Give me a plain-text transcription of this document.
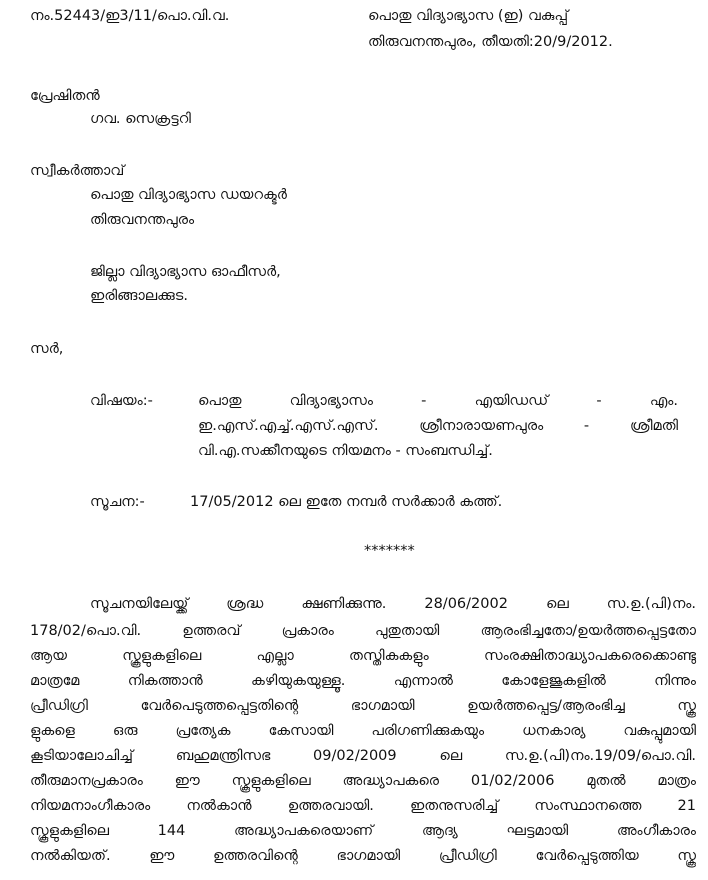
നം.52443/ഇ3/11/പൊ.വി.വ.	പൊതു വിദ്യാഭ്യാസ (ഇ) വകുപ്പ്
തിരുവനന്തപുരം, തീയതി:20/9/2012.
പ്രേഷിതന്‍
ഗവ. സെക്രട്ടറി
സ്വീകര്‍ത്താവ്
പൊതു വിദ്യാഭ്യാസ ഡയറക്ടര്‍
തിരുവനന്തപുരം
ജില്ലാ വിദ്യാഭ്യാസ ഓഫീസര്‍,
ഇരിങ്ങാലക്കുട.
സര്‍,
വിഷയം:-	പൊതു വിദ്യാഭ്യാസം - എയിഡഡ് - എം.
ഇ.എസ്.എച്ച്.എസ്.എസ്. ശ്രീനാരായണപുരം - ശ്രീമതി
വി.എ.സക്കീനയുടെ നിയമനം - സംബന്ധിച്ച്.
സൂചന:-	17/05/2012 ലെ ഇതേ നമ്പര്‍ സര്‍ക്കാര്‍ കത്ത്.
*******
സൂചനയിലേയ്ക്ക് ശ്രദ്ധ ക്ഷണിക്കുന്നു. 28/06/2002 ലെ സ.ഉ.(പി)നം.
178/02/പൊ.വി. ഉത്തരവ് പ്രകാരം പുതുതായി ആരംഭിച്ചതോ/ഉയര്‍ത്തപ്പെട്ടതോ
ആയ സ്കൂളുകളിലെ എല്ലാ തസ്തികകളും സംരക്ഷിതാദ്ധ്യാപകരെക്കൊണ്ടു
മാത്രമേ നികത്താന്‍ കഴിയുകയുള്ളൂ. എന്നാല്‍ കോളേജുകളില്‍ നിന്നും
പ്രീഡിഗ്രി വേര്‍പെടുത്തപ്പെട്ടതിന്റെ ഭാഗമായി ഉയര്‍ത്തപ്പെട്ട/ആരംഭിച്ച സ്കൂ
ളുകളെ ഒരു പ്രത്യേക കേസായി പരിഗണിക്കുകയും ധനകാര്യ വകുപ്പുമായി
കൂടിയാലോചിച്ച് ബഹുമന്ത്രിസഭ 09/02/2009 ലെ സ.ഉ.(പി)നം.19/09/പൊ.വി.
തീരുമാനപ്രകാരം ഈ സ്കൂളുകളിലെ അദ്ധ്യാപകരെ 01/02/2006 മുതല്‍ മാത്രം
നിയമനാംഗീകാരം നല്‍കാന്‍ ഉത്തരവായി. ഇതനുസരിച്ച് സംസ്ഥാനത്തെ 21
സ്കൂളുകളിലെ 144 അദ്ധ്യാപകരെയാണ് ആദ്യ ഘട്ടമായി അംഗീകാരം
നല്‍കിയത്. ഈ ഉത്തരവിന്റെ ഭാഗമായി പ്രീഡിഗ്രി വേര്‍പ്പെടുത്തിയ സ്കൂ
